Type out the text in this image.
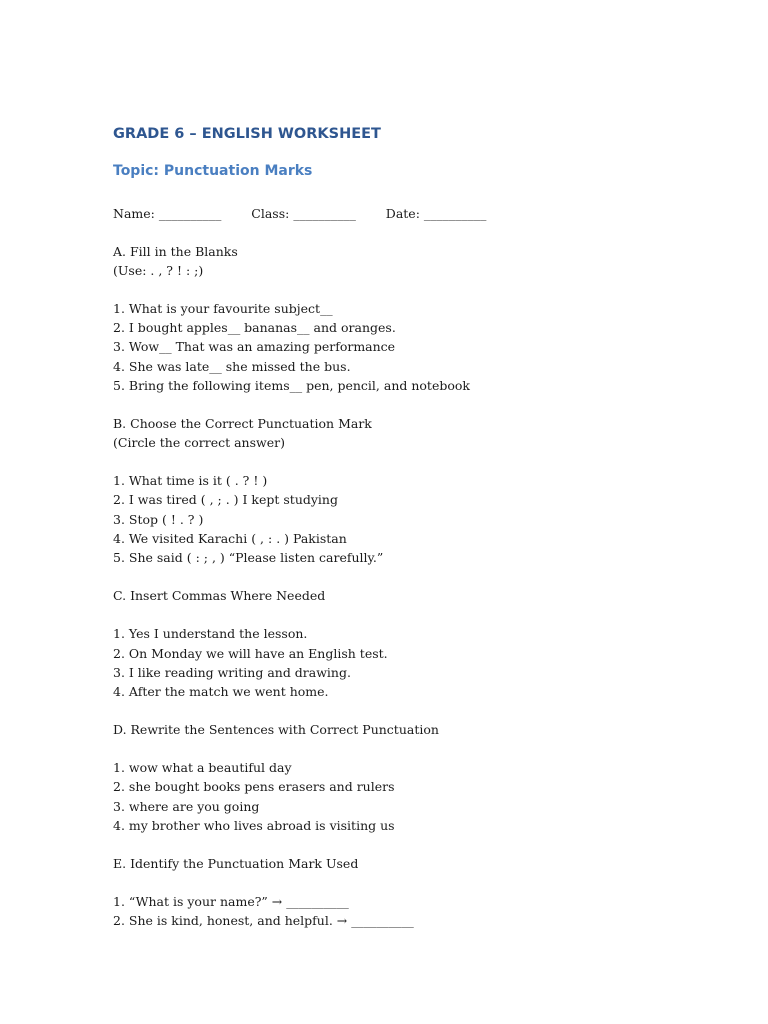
GRADE 6 – ENGLISH WORKSHEET
Topic: Punctuation Marks
Name: __________ Class: __________ Date: __________
A. Fill in the Blanks
(Use: . , ? ! : ;)
1. What is your favourite subject__
2. I bought apples__ bananas__ and oranges.
3. Wow__ That was an amazing performance
4. She was late__ she missed the bus.
5. Bring the following items__ pen, pencil, and notebook
B. Choose the Correct Punctuation Mark
(Circle the correct answer)
1. What time is it ( . ? ! )
2. I was tired ( , ; . ) I kept studying
3. Stop ( ! . ? )
4. We visited Karachi ( , : . ) Pakistan
5. She said ( : ; , ) “Please listen carefully.”
C. Insert Commas Where Needed
1. Yes I understand the lesson.
2. On Monday we will have an English test.
3. I like reading writing and drawing.
4. After the match we went home.
D. Rewrite the Sentences with Correct Punctuation
1. wow what a beautiful day
2. she bought books pens erasers and rulers
3. where are you going
4. my brother who lives abroad is visiting us
E. Identify the Punctuation Mark Used
1. “What is your name?” → __________
2. She is kind, honest, and helpful. → __________
